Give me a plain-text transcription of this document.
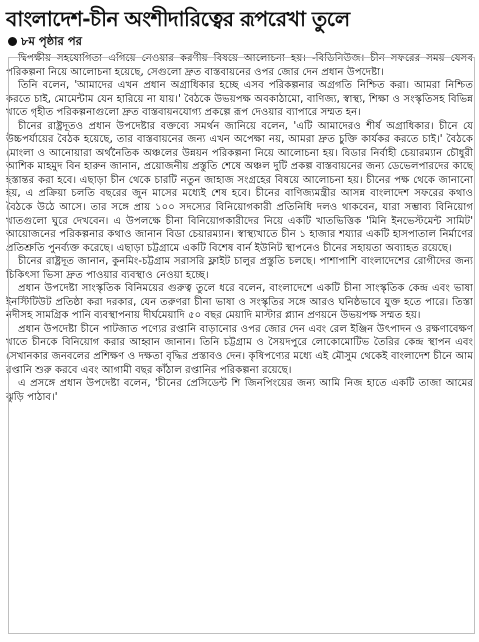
বাংলাদেশ-চীন অংশীদারিত্বের রূপরেখা তুলে
৮ম পৃষ্ঠার পর

দ্বিপক্ষীয় সহযোগিতা এগিয়ে নেওয়ার করণীয় বিষয়ে আলোচনা হয়। -বিডিনিউজ। চীন সফরের সময় যেসব পরিকল্পনা নিয়ে আলোচনা হয়েছে, সেগুলো দ্রুত বাস্তবায়নের ওপর জোর দেন প্রধান উপদেষ্টা।

তিনি বলেন, 'আমাদের এখন প্রধান অগ্রাধিকার হচ্ছে এসব পরিকল্পনার অগ্রগতি নিশ্চিত করা। আমরা নিশ্চিত করতে চাই, মোমেন্টাম যেন হারিয়ে না যায়।' বৈঠকে উভয়পক্ষ অবকাঠামো, বাণিজ্য, স্বাস্থ্য, শিক্ষা ও সংস্কৃতিসহ বিভিন্ন খাতে গৃহীত পরিকল্পনাগুলো দ্রুত বাস্তবায়নযোগ্য প্রকল্পে রূপ দেওয়ার ব্যাপারে সম্মত হন।

চীনের রাষ্ট্রদূতও প্রধান উপদেষ্টার বক্তব্যে সমর্থন জানিয়ে বলেন, 'এটি আমাদেরও শীর্ষ অগ্রাধিকার। চীনে যে উচ্চপর্যায়ের বৈঠক হয়েছে, তার বাস্তবায়নের জন্য এখন অপেক্ষা নয়, আমরা দ্রুত চুক্তি কার্যকর করতে চাই।' বৈঠকে মোংলা ও আনোয়ারা অর্থনৈতিক অঞ্চলের উন্নয়ন পরিকল্পনা নিয়ে আলোচনা হয়। বিডার নির্বাহী চেয়ারম্যান চৌধুরী আশিক মাহমুদ বিন হারুন জানান, প্রয়োজনীয় প্রস্তুতি শেষে অঞ্চল দুটি প্রকল্প বাস্তবায়নের জন্য ডেভেলপারদের কাছে হস্তান্তর করা হবে। এছাড়া চীন থেকে চারটি নতুন জাহাজ সংগ্রহের বিষয়ে আলোচনা হয়। চীনের পক্ষ থেকে জানানো হয়, এ প্রক্রিয়া চলতি বছরের জুন মাসের মধ্যেই শেষ হবে। চীনের বাণিজ্যমন্ত্রীর আসন্ন বাংলাদেশ সফরের কথাও বৈঠকে উঠে আসে। তার সঙ্গে প্রায় ১০০ সদস্যের বিনিয়োগকারী প্রতিনিধি দলও থাকবেন, যারা সম্ভাব্য বিনিয়োগ খাতগুলো ঘুরে দেখবেন। এ উপলক্ষে চীনা বিনিয়োগকারীদের নিয়ে একটি খাতভিত্তিক 'মিনি ইনভেস্টমেন্ট সামিট' আয়োজনের পরিকল্পনার কথাও জানান বিডা চেয়ারম্যান। স্বাস্থ্যখাতে চীন ১ হাজার শয্যার একটি হাসপাতাল নির্মাণের প্রতিশ্রুতি পুনর্ব্যক্ত করেছে। এছাড়া চট্টগ্রামে একটি বিশেষ বার্ন ইউনিট স্থাপনেও চীনের সহায়তা অব্যাহত রয়েছে।

চীনের রাষ্ট্রদূত জানান, কুনমিং-চট্টগ্রাম সরাসরি ফ্লাইট চালুর প্রস্তুতি চলছে। পাশাপাশি বাংলাদেশের রোগীদের জন্য চিকিৎসা ভিসা দ্রুত পাওয়ার ব্যবস্থাও নেওয়া হচ্ছে।

প্রধান উপদেষ্টা সাংস্কৃতিক বিনিময়ের গুরুত্ব তুলে ধরে বলেন, বাংলাদেশে একটি চীনা সাংস্কৃতিক কেন্দ্র এবং ভাষা ইনস্টিটিউট প্রতিষ্ঠা করা দরকার, যেন তরুণরা চীনা ভাষা ও সংস্কৃতির সঙ্গে আরও ঘনিষ্ঠভাবে যুক্ত হতে পারে। তিস্তা নদীসহ সামগ্রিক পানি ব্যবস্থাপনায় দীর্ঘমেয়াদি ৫০ বছর মেয়াদি মাস্টার প্ল্যান প্রণয়নে উভয়পক্ষ সম্মত হয়।

প্রধান উপদেষ্টা চীনে পাটজাত পণ্যের রপ্তানি বাড়ানোর ওপর জোর দেন এবং রেল ইঞ্জিন উৎপাদন ও রক্ষণাবেক্ষণ খাতে চীনকে বিনিয়োগ করার আহ্বান জানান। তিনি চট্টগ্রাম ও সৈয়দপুরে লোকোমোটিভ তৈরির কেন্দ্র স্থাপন এবং সেখানকার জনবলের প্রশিক্ষণ ও দক্ষতা বৃদ্ধির প্রস্তাবও দেন। কৃষিপণ্যের মধ্যে এই মৌসুম থেকেই বাংলাদেশ চীনে আম রপ্তানি শুরু করবে এবং আগামী বছর কাঁঠাল রপ্তানির পরিকল্পনা রয়েছে।

এ প্রসঙ্গে প্রধান উপদেষ্টা বলেন, 'চীনের প্রেসিডেন্ট শি জিনপিংয়ের জন্য আমি নিজ হাতে একটি তাজা আমের ঝুড়ি পাঠাব।'
